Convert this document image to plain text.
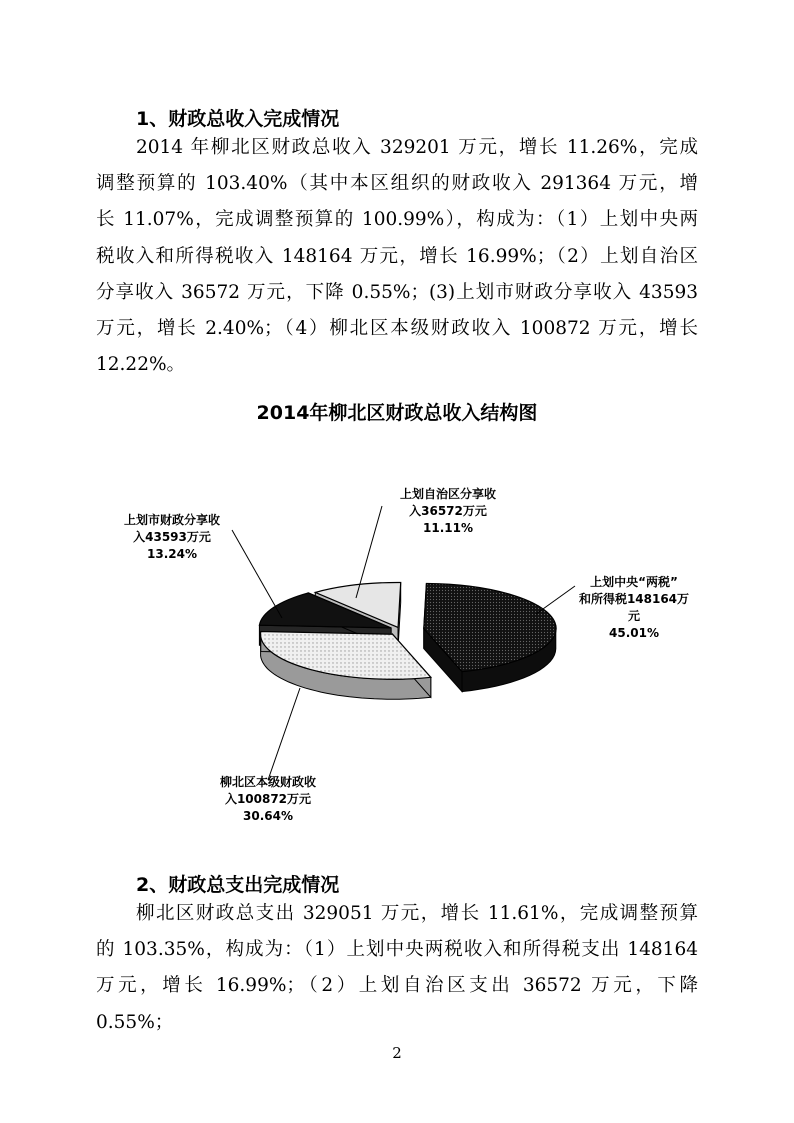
1、财政总收入完成情况
2014 年柳北区财政总收入 329201 万元，增长 11.26%，完成
调整预算的 103.40%（其中本区组织的财政收入 291364 万元，增
长 11.07%，完成调整预算的 100.99%），构成为：（1）上划中央两
税收入和所得税收入 148164 万元，增长 16.99%；（2）上划自治区
分享收入 36572 万元，下降 0.55%；(3)上划市财政分享收入 43593
万元，增长 2.40%；（4）柳北区本级财政收入 100872 万元，增长
12.22%。
2014年柳北区财政总收入结构图
上划中央“两税”
和所得税148164万
元
45.01%
柳北区本级财政收
入100872万元
30.64%
上划市财政分享收
入43593万元
13.24%
上划自治区分享收
入36572万元
11.11%
2、财政总支出完成情况
柳北区财政总支出 329051 万元，增长 11.61%，完成调整预算
的 103.35%，构成为：（1）上划中央两税收入和所得税支出 148164
万元，增长 16.99%；（2）上划自治区支出 36572 万元，下降 0.55%；
2
